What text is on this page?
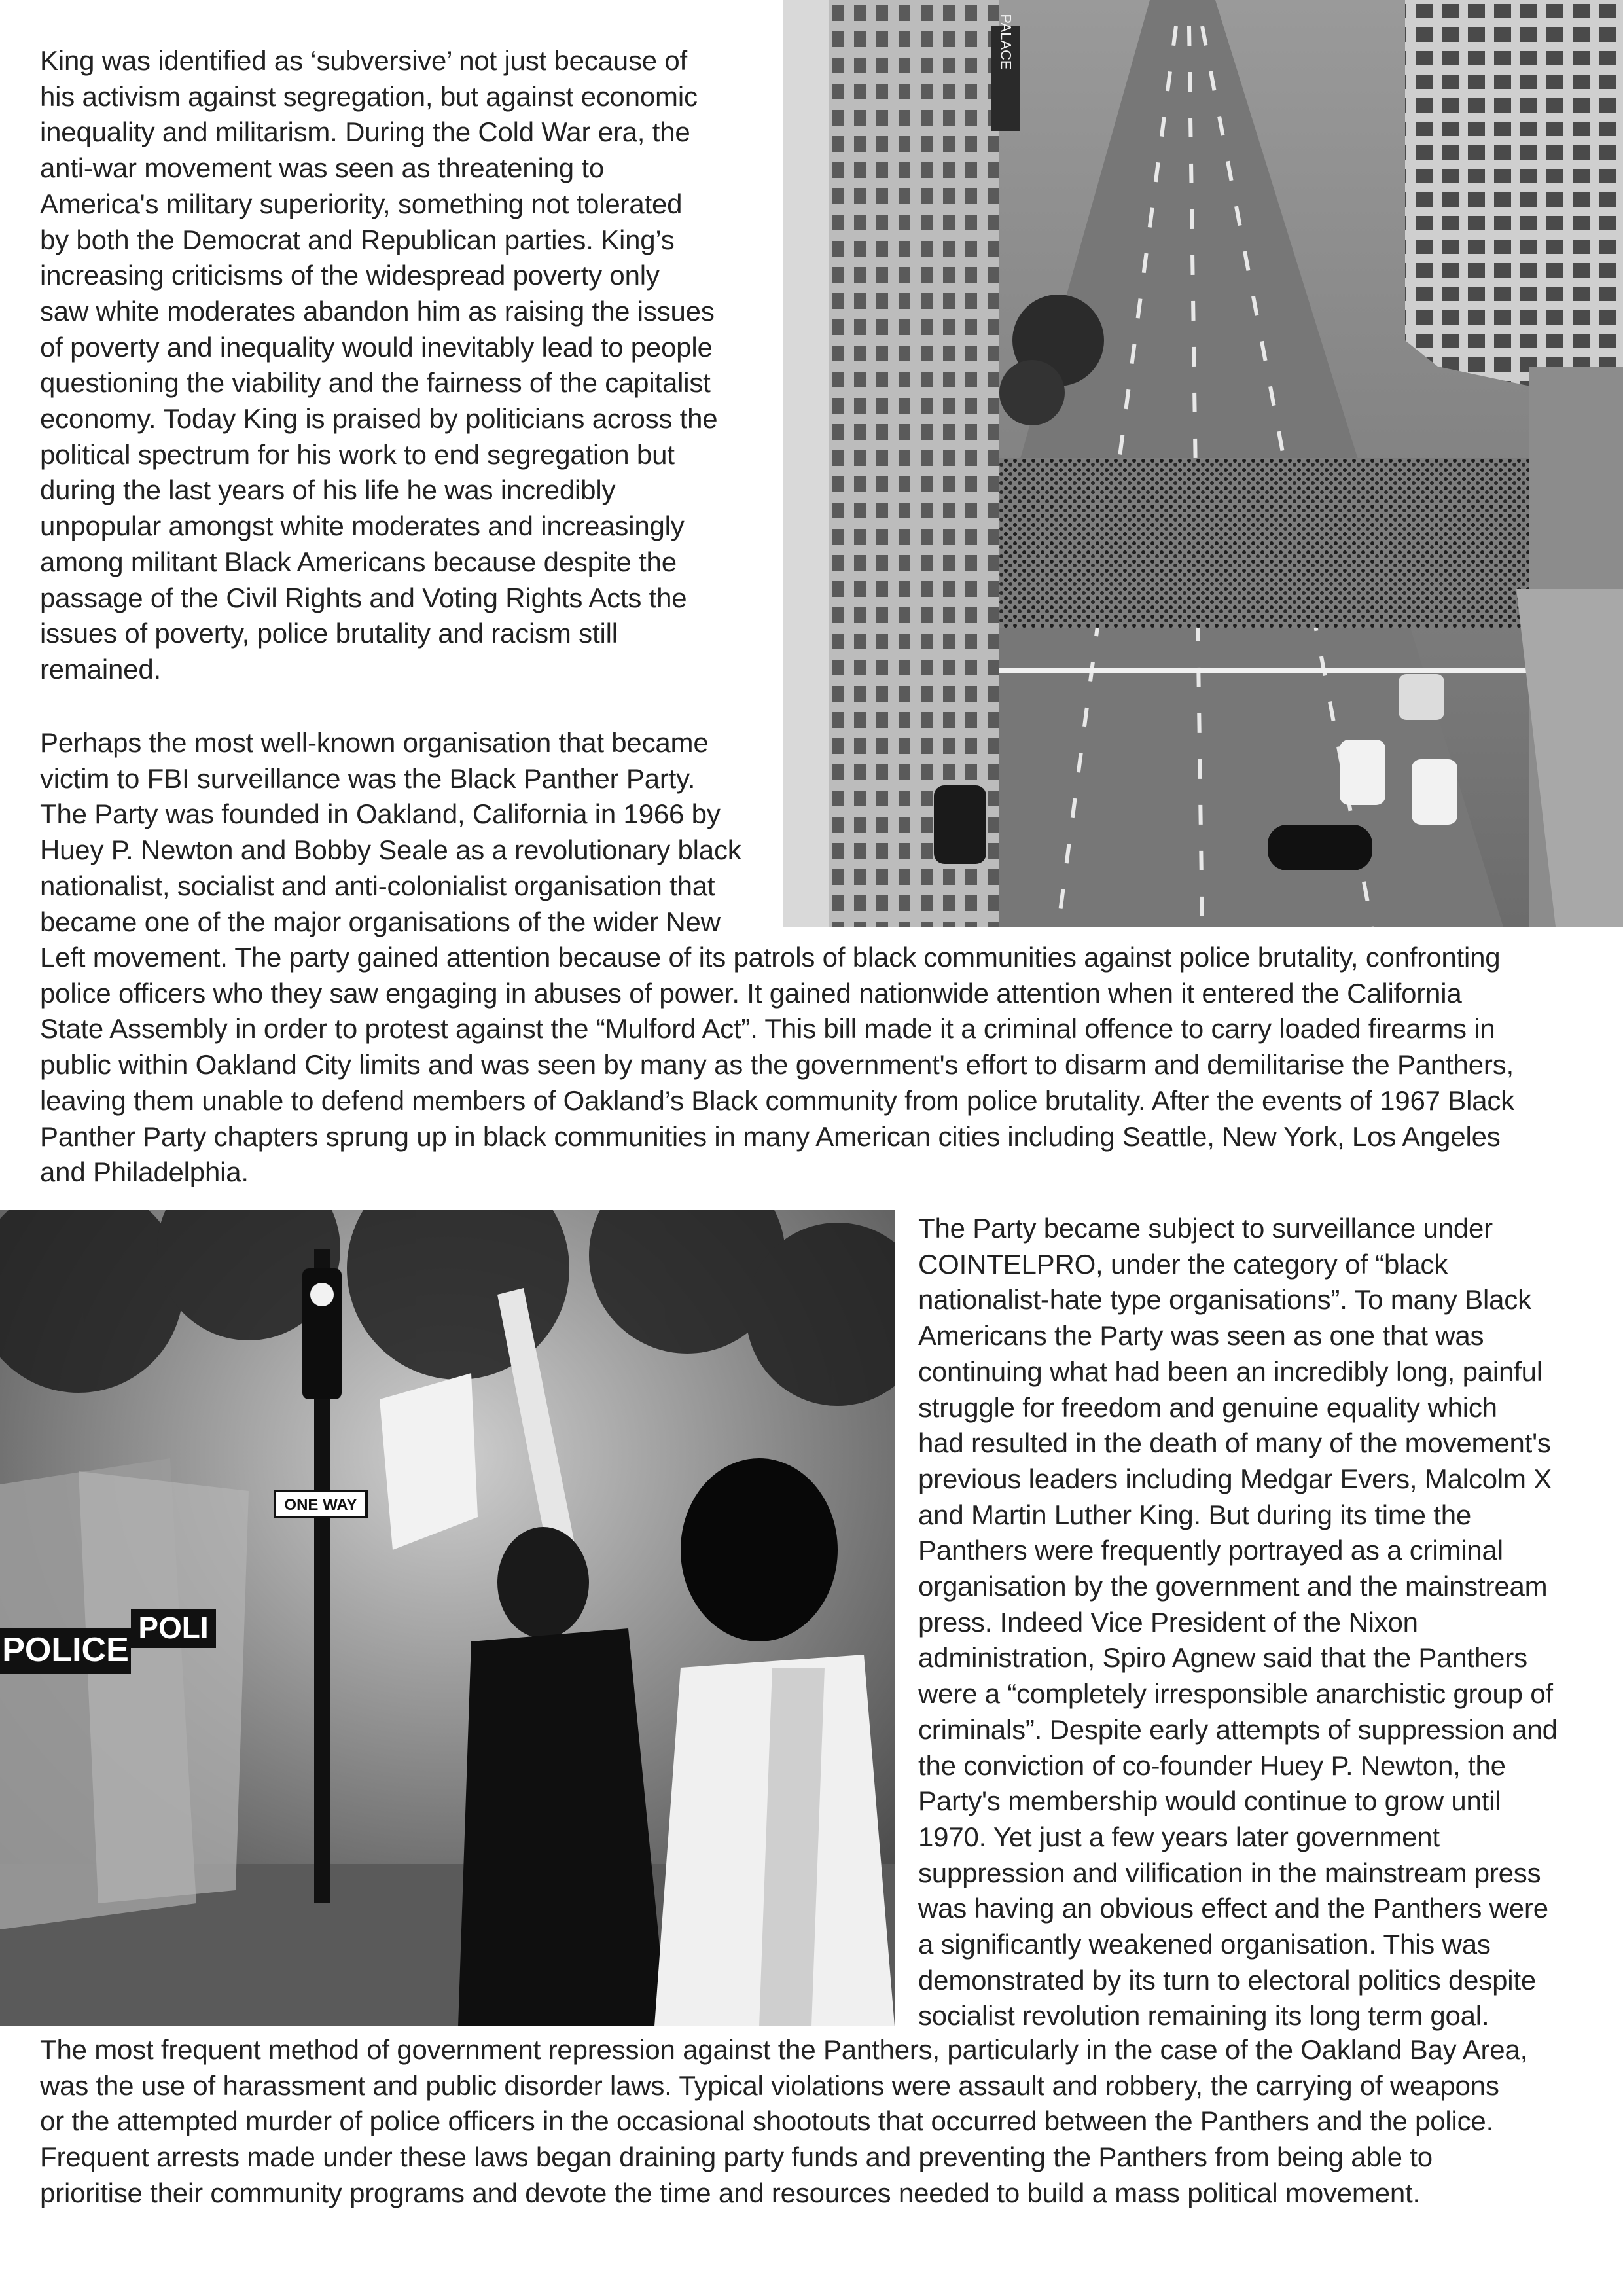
PALACE
ONE WAY
POLICE
POLI
King was identified as ‘subversive’ not just because of
his activism against segregation, but against economic
inequality and militarism. During the Cold War era, the
anti-war movement was seen as threatening to
America's military superiority, something not tolerated
by both the Democrat and Republican parties. King’s
increasing criticisms of the widespread poverty only
saw white moderates abandon him as raising the issues
of poverty and inequality would inevitably lead to people
questioning the viability and the fairness of the capitalist
economy. Today King is praised by politicians across the
political spectrum for his work to end segregation but
during the last years of his life he was incredibly
unpopular amongst white moderates and increasingly
among militant Black Americans because despite the
passage of the Civil Rights and Voting Rights Acts the
issues of poverty, police brutality and racism still
remained.
Perhaps the most well-known organisation that became
victim to FBI surveillance was the Black Panther Party.
The Party was founded in Oakland, California in 1966 by
Huey P. Newton and Bobby Seale as a revolutionary black
nationalist, socialist and anti-colonialist organisation that
became one of the major organisations of the wider New
Left movement. The party gained attention because of its patrols of black communities against police brutality, confronting
police officers who they saw engaging in abuses of power. It gained nationwide attention when it entered the California
State Assembly in order to protest against the “Mulford Act”. This bill made it a criminal offence to carry loaded firearms in
public within Oakland City limits and was seen by many as the government's effort to disarm and demilitarise the Panthers,
leaving them unable to defend members of Oakland’s Black community from police brutality. After the events of 1967 Black
Panther Party chapters sprung up in black communities in many American cities including Seattle, New York, Los Angeles
and Philadelphia.
The Party became subject to surveillance under
COINTELPRO, under the category of “black
nationalist-hate type organisations”. To many Black
Americans the Party was seen as one that was
continuing what had been an incredibly long, painful
struggle for freedom and genuine equality which
had resulted in the death of many of the movement's
previous leaders including Medgar Evers, Malcolm X
and Martin Luther King. But during its time the
Panthers were frequently portrayed as a criminal
organisation by the government and the mainstream
press. Indeed Vice President of the Nixon
administration, Spiro Agnew said that the Panthers
were a “completely irresponsible anarchistic group of
criminals”. Despite early attempts of suppression and
the conviction of co-founder Huey P. Newton, the
Party's membership would continue to grow until
1970. Yet just a few years later government
suppression and vilification in the mainstream press
was having an obvious effect and the Panthers were
a significantly weakened organisation. This was
demonstrated by its turn to electoral politics despite
socialist revolution remaining its long term goal.
The most frequent method of government repression against the Panthers, particularly in the case of the Oakland Bay Area,
was the use of harassment and public disorder laws. Typical violations were assault and robbery, the carrying of weapons
or the attempted murder of police officers in the occasional shootouts that occurred between the Panthers and the police.
Frequent arrests made under these laws began draining party funds and preventing the Panthers from being able to
prioritise their community programs and devote the time and resources needed to build a mass political movement.
